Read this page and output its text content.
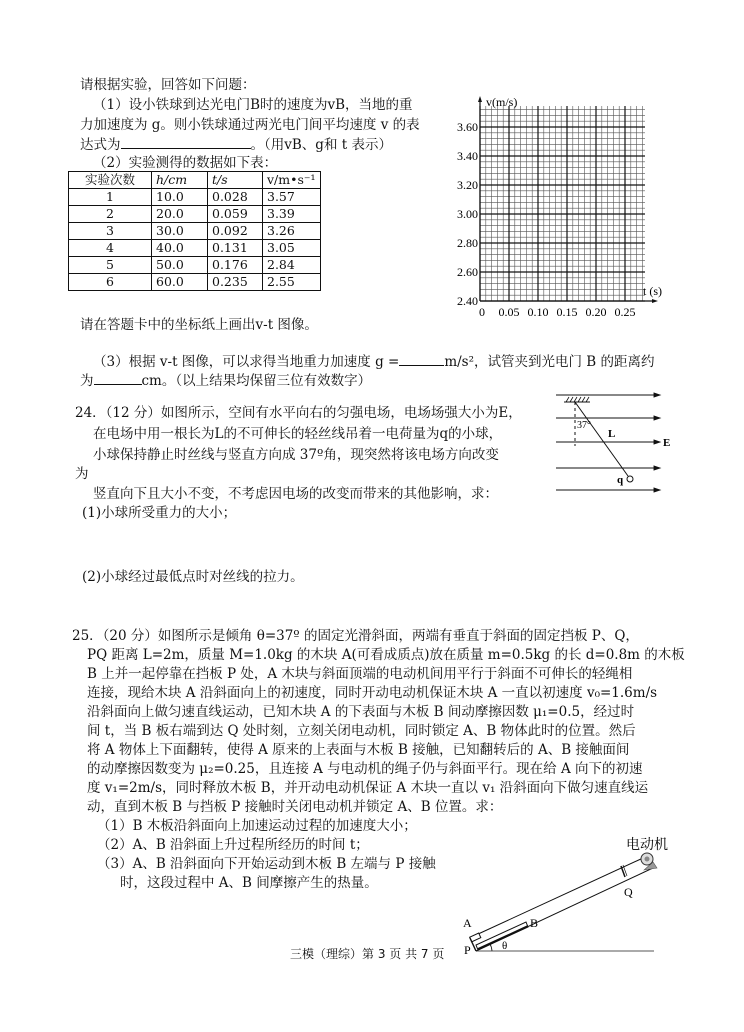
请根据实验，回答如下问题：
（1）设小铁球到达光电门B时的速度为vB，当地的重
力加速度为 g。则小铁球通过两光电门间平均速度 v 的表
达式为	。（用vB、g和 t 表示）
（2）实验测得的数据如下表：
实验次数	h/cm	t/s	v/m•s⁻¹
1	10.0	0.028	3.57
2	20.0	0.059	3.39
3	30.0	0.092	3.26
4	40.0	0.131	3.05
5	50.0	0.176	2.84
6	60.0	0.235	2.55
v(m/s)
t (s)
2.40
2.60
2.80
3.00
3.20
3.40
3.60
0 0.05 0.10 0.15 0.20 0.25
请在答题卡中的坐标纸上画出v-t 图像。
（3）根据 v-t 图像，可以求得当地重力加速度 g =	m/s²，试管夹到光电门 B 的距离约
为	cm。（以上结果均保留三位有效数字）
24．（12 分）如图所示，空间有水平向右的匀强电场，电场场强大小为E，
在电场中用一根长为L的不可伸长的轻丝线吊着一电荷量为q的小球，
小球保持静止时丝线与竖直方向成 37º角，现突然将该电场方向改变
为
竖直向下且大小不变，不考虑因电场的改变而带来的其他影响，求：
(1)小球所受重力的大小；
(2)小球经过最低点时对丝线的拉力。
37°
L
E
q
25．（20 分）如图所示是倾角 θ=37º 的固定光滑斜面，两端有垂直于斜面的固定挡板 P、Q，
PQ 距离 L=2m，质量 M=1.0kg 的木块 A(可看成质点)放在质量 m=0.5kg 的长 d=0.8m 的木板
B 上并一起停靠在挡板 P 处，A 木块与斜面顶端的电动机间用平行于斜面不可伸长的轻绳相
连接，现给木块 A 沿斜面向上的初速度，同时开动电动机保证木块 A 一直以初速度 v₀=1.6m/s
沿斜面向上做匀速直线运动，已知木块 A 的下表面与木板 B 间动摩擦因数 μ₁=0.5，经过时
间 t，当 B 板右端到达 Q 处时刻，立刻关闭电动机，同时锁定 A、B 物体此时的位置。然后
将 A 物体上下面翻转，使得 A 原来的上表面与木板 B 接触，已知翻转后的 A、B 接触面间
的动摩擦因数变为 μ₂=0.25，且连接 A 与电动机的绳子仍与斜面平行。现在给 A 向下的初速
度 v₁=2m/s，同时释放木板 B，并开动电动机保证 A 木块一直以 v₁ 沿斜面向下做匀速直线运
动，直到木板 B 与挡板 P 接触时关闭电动机并锁定 A、B 位置。求：
（1）B 木板沿斜面向上加速运动过程的加速度大小；
（2）A、B 沿斜面上升过程所经历的时间 t；
（3）A、B 沿斜面向下开始运动到木板 B 左端与 P 接触
时，这段过程中 A、B 间摩擦产生的热量。
电动机
A	B
P
Q
θ
三模（理综）第 3 页 共 7 页
